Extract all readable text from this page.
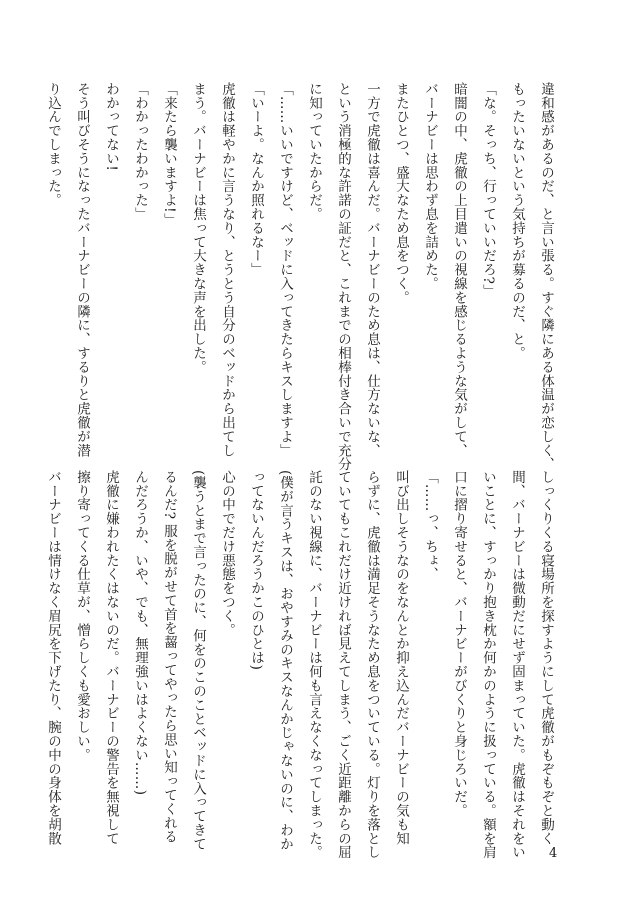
違和感があるのだ、と言い張る。すぐ隣にある体温が恋しく、
もったいないという気持ちが募るのだ、と。
「な。そっち、行っていいだろ?」
暗闇の中、虎徹の上目遣いの視線を感じるような気がして、
バーナビーは思わず息を詰めた。
またひとつ、盛大なため息をつく。
一方で虎徹は喜んだ。バーナビーのため息は、仕方ないな、
という消極的な許諾の証だと、これまでの相棒付き合いで充分
に知っていたからだ。
「……いいですけど、ベッドに入ってきたらキスしますよ」
「いーよ。なんか照れるなー」
虎徹は軽やかに言うなり、とうとう自分のベッドから出てし
まう。バーナビーは焦って大きな声を出した。
「来たら襲いますよ!」
「わかったわかった」
わかってない!
そう叫びそうになったバーナビーの隣に、するりと虎徹が潜
り込んでしまった。
しっくりくる寝場所を探すようにして虎徹がもぞもぞと動く
間、バーナビーは微動だにせず固まっていた。虎徹はそれをい
いことに、すっかり抱き枕か何かのように扱っている。額を肩
口に摺り寄せると、バーナビーがびくりと身じろいだ。
「……っ、ちょ、
叫び出しそうなのをなんとか抑え込んだバーナビーの気も知
らずに、虎徹は満足そうなため息をついている。灯りを落とし
ていてもこれだけ近ければ見えてしまう、ごく近距離からの屈
託のない視線に、バーナビーは何も言えなくなってしまった。
(僕が言うキスは、おやすみのキスなんかじゃないのに、わか
ってないんだろうかこのひとは)
心の中でだけ悪態をつく。
(襲うとまで言ったのに、何をのこのことベッドに入ってきて
るんだ? 服を脱がせて首を齧ってやったら思い知ってくれる
んだろうか、いや、でも、無理強いはよくない……)
虎徹に嫌われたくはないのだ。バーナビーの警告を無視して
擦り寄ってくる仕草が、憎らしくも愛おしい。
バーナビーは情けなく眉尻を下げたり、腕の中の身体を胡散
4
